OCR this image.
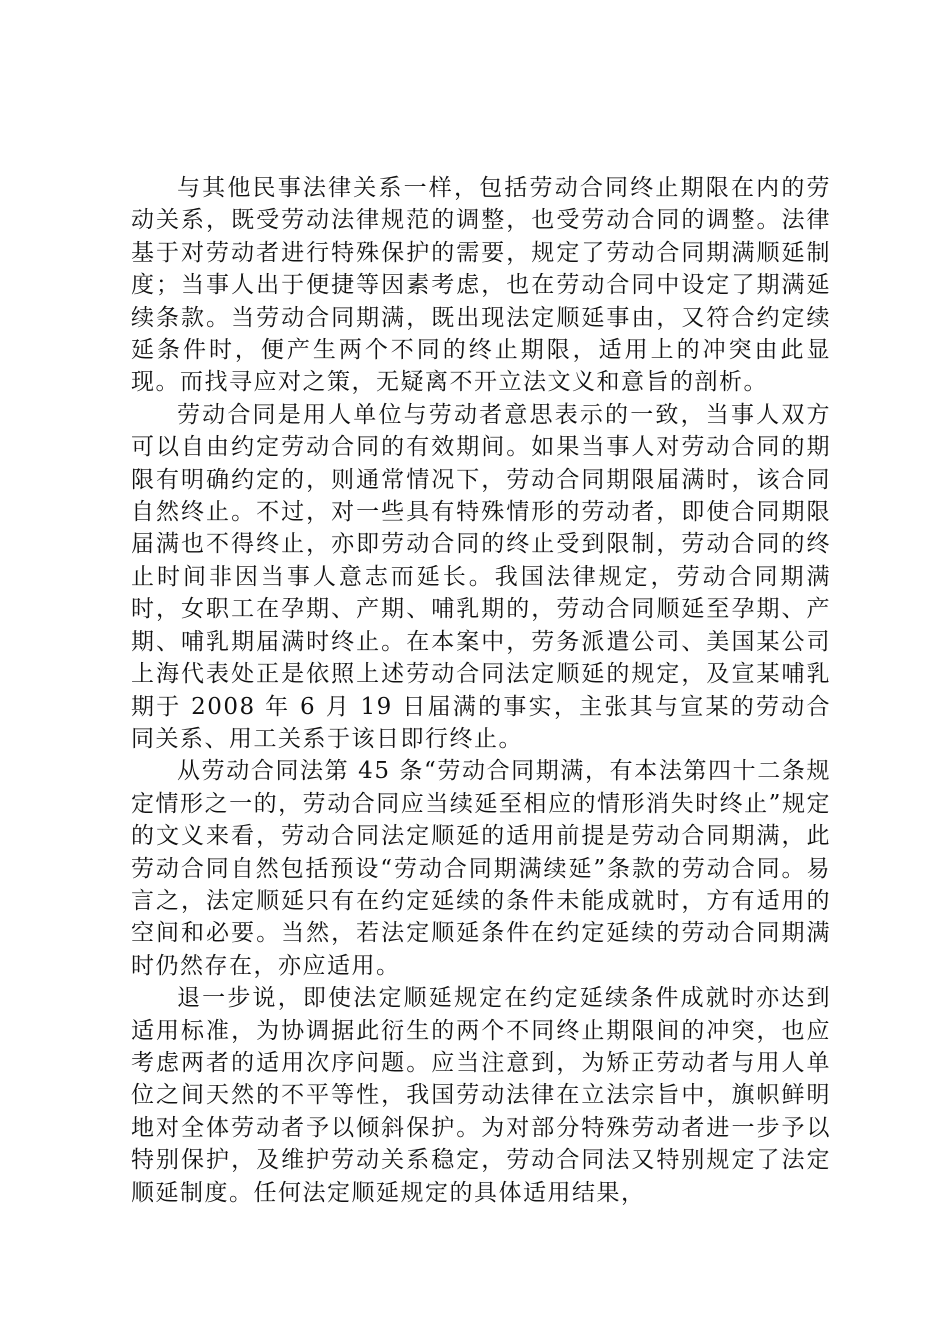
与其他民事法律关系一样，包括劳动合同终止期限在内的劳动关系，既受劳动法律规范的调整，也受劳动合同的调整。法律基于对劳动者进行特殊保护的需要，规定了劳动合同期满顺延制度；当事人出于便捷等因素考虑，也在劳动合同中设定了期满延续条款。当劳动合同期满，既出现法定顺延事由，又符合约定续延条件时，便产生两个不同的终止期限，适用上的冲突由此显现。而找寻应对之策，无疑离不开立法文义和意旨的剖析。

劳动合同是用人单位与劳动者意思表示的一致，当事人双方可以自由约定劳动合同的有效期间。如果当事人对劳动合同的期限有明确约定的，则通常情况下，劳动合同期限届满时，该合同自然终止。不过，对一些具有特殊情形的劳动者，即使合同期限届满也不得终止，亦即劳动合同的终止受到限制，劳动合同的终止时间非因当事人意志而延长。我国法律规定，劳动合同期满时，女职工在孕期、产期、哺乳期的，劳动合同顺延至孕期、产期、哺乳期届满时终止。在本案中，劳务派遣公司、美国某公司上海代表处正是依照上述劳动合同法定顺延的规定，及宣某哺乳期于 2008 年 6 月 19 日届满的事实，主张其与宣某的劳动合同关系、用工关系于该日即行终止。

从劳动合同法第 45 条“劳动合同期满，有本法第四十二条规定情形之一的，劳动合同应当续延至相应的情形消失时终止”规定的文义来看，劳动合同法定顺延的适用前提是劳动合同期满，此劳动合同自然包括预设“劳动合同期满续延”条款的劳动合同。易言之，法定顺延只有在约定延续的条件未能成就时，方有适用的空间和必要。当然，若法定顺延条件在约定延续的劳动合同期满时仍然存在，亦应适用。

退一步说，即使法定顺延规定在约定延续条件成就时亦达到适用标准，为协调据此衍生的两个不同终止期限间的冲突，也应考虑两者的适用次序问题。应当注意到，为矫正劳动者与用人单位之间天然的不平等性，我国劳动法律在立法宗旨中，旗帜鲜明地对全体劳动者予以倾斜保护。为对部分特殊劳动者进一步予以特别保护，及维护劳动关系稳定，劳动合同法又特别规定了法定顺延制度。任何法定顺延规定的具体适用结果，
